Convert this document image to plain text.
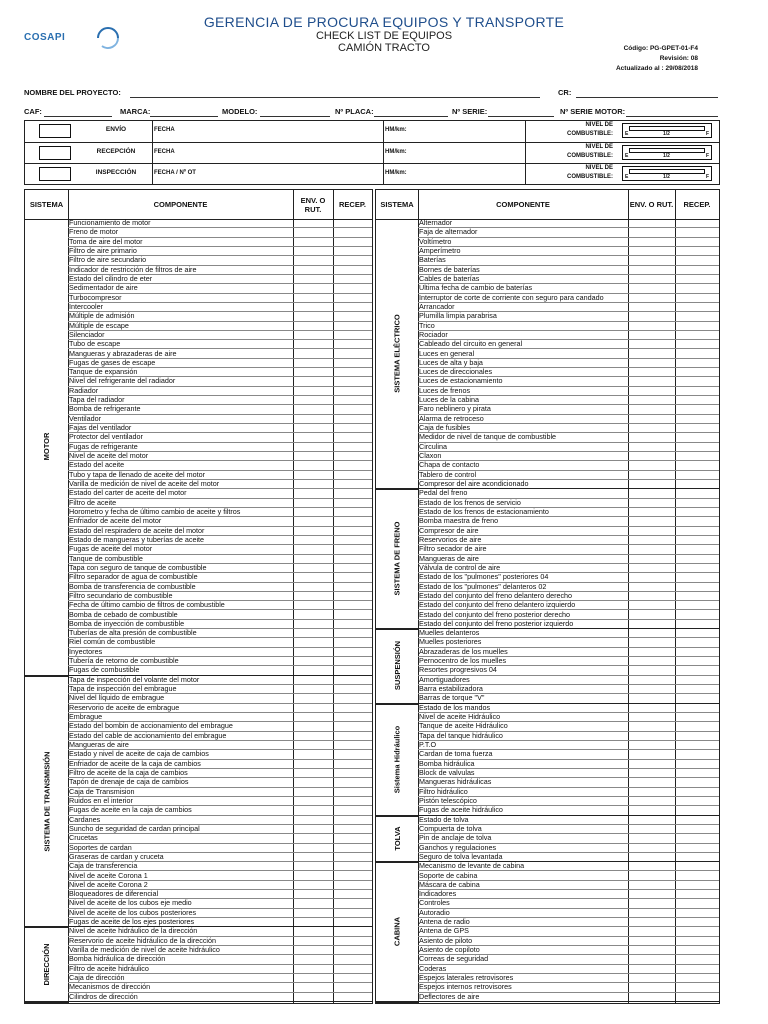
COSAPI
GERENCIA DE PROCURA EQUIPOS Y TRANSPORTE
CHECK LIST DE EQUIPOS
CAMIÓN TRACTO	Código: PG-GPET-01-F4
Revisión: 08
Actualizado al : 29/08/2018
NOMBRE DEL PROYECTO:	CR:
CAF:	MARCA:	MODELO:	Nº PLACA:	Nº SERIE:	Nº SERIE MOTOR:
ENVÍO	FECHA	HM/km:
NIVEL DE
COMBUSTIBLE: E	1/2	F
RECEPCIÓN	FECHA	HM/km:
NIVEL DE
COMBUSTIBLE: E	1/2	F
INSPECCIÓN	FECHA / Nº OT	HM/km:
NIVEL DE
COMBUSTIBLE: E	1/2	F
SISTEMA	COMPONENTE	ENV. O RUT.	RECEP.
MOTOR
Funcionamiento de motor
Freno de motor
Toma de aire del motor
Filtro de aire primario
Filtro de aire secundario
Indicador de restricción de filtros de aire
Estado del cilindro de eter
Sedimentador de aire
Turbocompresor
Intercooler
Múltiple de admisión
Múltiple de escape
Silenciador
Tubo de escape
Mangueras y abrazaderas de aire
Fugas de gases de escape
Tanque de expansión
Nivel del refrigerante del radiador
Radiador
Tapa del radiador
Bomba de refrigerante
Ventilador
Fajas del ventilador
Protector del ventilador
Fugas de refrigerante
Nivel de aceite del motor
Estado del aceite
Tubo y tapa de llenado de aceite del motor
Varilla de medición de nivel de aceite del motor
Estado del carter de aceite del motor
Filtro de aceite
Horometro y fecha de último cambio de aceite y filtros
Enfriador de aceite del motor
Estado del respiradero de aceite del motor
Estado de mangueras y tuberías de aceite
Fugas de aceite del motor
Tanque de combustible
Tapa con seguro de tanque de combustible
Filtro separador de agua de combustible
Bomba de transferencia de combustible
Filtro secundario de combustible
Fecha de último cambio de filtros de combustible
Bomba de cebado de combustible
Bomba de inyección de combustible
Tuberías de alta presión de combustible
Riel común de combustible
Inyectores
Tubería de retorno de combustible
Fugas de combustible
SISTEMA DE TRANSMISIÓN
Tapa de inspección del volante del motor
Tapa de inspección del embrague
Nivel del líquido de embrague
Reservorio de aceite de embrague
Embrague
Estado del bombin de accionamiento del embrague
Estado del cable de accionamiento del embrague
Mangueras de aire
Estado y nivel de aceite de caja de cambios
Enfriador de aceite de la caja de cambios
Filtro de aceite de la caja de cambios
Tapón de drenaje de caja de cambios
Caja de Transmision
Ruidos en el interior
Fugas de aceite en la caja de cambios
Cardanes
Suncho de seguridad de cardan principal
Crucetas
Soportes de cardan
Graseras de cardan y cruceta
Caja de transferencia
Nivel de aceite Corona 1
Nivel de aceite Corona 2
Bloqueadores de diferencial
Nivel de aceite de los cubos eje medio
Nivel de aceite de los cubos posteriores
Fugas de aceite de los ejes posteriores
DIRECCIÓN
Nivel de aceite hidráulico de la dirección
Reservorio de aceite hidráulico de la dirección
Varilla de medición de nivel de aceite hidráulico
Bomba hidráulica de dirección
Filtro de aceite hidráulico
Caja de dirección
Mecanismos de dirección
Cilindros de dirección
SISTEMA	COMPONENTE	ENV. O RUT.	RECEP.
SISTEMA ELÉCTRICO
Alternador
Faja de alternador
Voltímetro
Amperímetro
Baterías
Bornes de baterías
Cables de baterías
Ultima fecha de cambio de baterías
Interruptor de corte de corriente con seguro para candado
Arrancador
Plumilla limpia parabrisa
Trico
Rociador
Cableado del circuito en general
Luces en general
Luces de alta y baja
Luces de direccionales
Luces de estacionamiento
Luces de frenos
Luces de la cabina
Faro neblinero y pirata
Alarma de retroceso
Caja de fusibles
Medidor de nivel de tanque de combustible
Circulina
Claxon
Chapa de contacto
Tablero de control
Compresor del aire acondicionado
SISTEMA DE FRENO
Pedal del freno
Estado de los frenos de servicio
Estado de los frenos de estacionamiento
Bomba maestra de freno
Compresor de aire
Reservorios de aire
Filtro secador de aire
Mangueras de aire
Válvula de control de aire
Estado de los "pulmones" posteriores 04
Estado de los "pulmones" delanteros 02
Estado del conjunto del freno delantero derecho
Estado del conjunto del freno delantero izquierdo
Estado del conjunto del freno posterior derecho
Estado del conjunto del freno posterior izquierdo
SUSPENSIÓN
Muelles delanteros
Muelles posteriores
Abrazaderas de los muelles
Pernocentro de los muelles
Resortes progresivos 04
Amortiguadores
Barra estabilizadora
Barras de torque "V"
Sistema Hidráulico
Estado de los mandos
Nivel de aceite Hidráulico
Tanque de aceite Hidráulico
Tapa del tanque hidráulico
P.T.O
Cardan de toma fuerza
Bomba hidráulica
Block de valvulas
Mangueras hidráulicas
Filtro hidráulico
Pistón telescópico
Fugas de aceite hidráulico
TOLVA
Estado de tolva
Compuerta de tolva
Pin de anclaje de tolva
Ganchos y regulaciones
Seguro de tolva levantada
CABINA
Mecanismo de levante de cabina
Soporte de cabina
Máscara de cabina
Indicadores
Controles
Autoradio
Antena de radio
Antena de GPS
Asiento de piloto
Asiento de copiloto
Correas de seguridad
Coderas
Espejos laterales retrovisores
Espejos internos retrovisores
Deflectores de aire
